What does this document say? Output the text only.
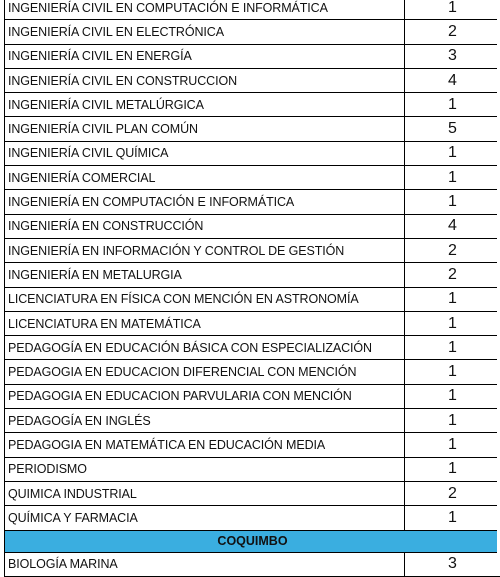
INGENIERÍA CIVIL EN COMPUTACIÓN E INFORMÁTICA	1
INGENIERÍA CIVIL EN ELECTRÓNICA	2
INGENIERÍA CIVIL EN ENERGÍA	3
INGENIERÍA CIVIL EN CONSTRUCCION	4
INGENIERÍA CIVIL METALÚRGICA	1
INGENIERÍA CIVIL PLAN COMÚN	5
INGENIERÍA CIVIL QUÍMICA	1
INGENIERÍA COMERCIAL	1
INGENIERÍA EN COMPUTACIÓN E INFORMÁTICA	1
INGENIERÍA EN CONSTRUCCIÓN	4
INGENIERÍA EN INFORMACIÓN Y CONTROL DE GESTIÓN	2
INGENIERÍA EN METALURGIA	2
LICENCIATURA EN FÍSICA CON MENCIÓN EN ASTRONOMÍA	1
LICENCIATURA EN MATEMÁTICA	1
PEDAGOGÍA EN EDUCACIÓN BÁSICA CON ESPECIALIZACIÓN	1
PEDAGOGIA EN EDUCACION DIFERENCIAL CON MENCIÓN	1
PEDAGOGIA EN EDUCACION PARVULARIA CON MENCIÓN	1
PEDAGOGÍA EN INGLÉS	1
PEDAGOGIA EN MATEMÁTICA EN EDUCACIÓN MEDIA	1
PERIODISMO	1
QUIMICA INDUSTRIAL	2
QUÍMICA Y FARMACIA	1
COQUIMBO	
BIOLOGÍA MARINA	3
